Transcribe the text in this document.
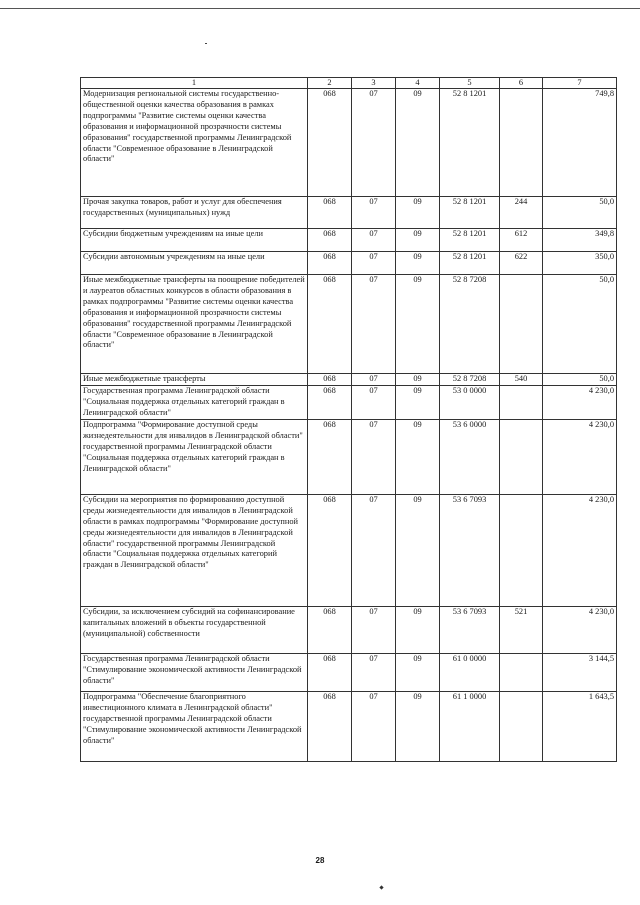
1	2	3	4	5	6	7
Модернизация региональной системы государственно-общественной оценки качества образования в рамках подпрограммы "Развитие системы оценки качества образования и информационной прозрачности системы образования" государственной программы Ленинградской области "Современное образование в Ленинградской области"	068	07	09	52 8 1201		749,8
Прочая закупка товаров, работ и услуг для обеспечения государственных (муниципальных) нужд	068	07	09	52 8 1201	244	50,0
Субсидии бюджетным учреждениям на иные цели	068	07	09	52 8 1201	612	349,8
Субсидии автономным учреждениям на иные цели	068	07	09	52 8 1201	622	350,0
Иные межбюджетные трансферты на поощрение победителей и лауреатов областных конкурсов в области образования в рамках подпрограммы "Развитие системы оценки качества образования и информационной прозрачности системы образования" государственной программы Ленинградской области "Современное образование в Ленинградской области"	068	07	09	52 8 7208		50,0
Иные межбюджетные трансферты	068	07	09	52 8 7208	540	50,0
Государственная программа Ленинградской области "Социальная поддержка отдельных категорий граждан в Ленинградской области"	068	07	09	53 0 0000		4 230,0
Подпрограмма "Формирование доступной среды жизнедеятельности для инвалидов в Ленинградской области" государственной программы Ленинградской области "Социальная поддержка отдельных категорий граждан в Ленинградской области"	068	07	09	53 6 0000		4 230,0
Субсидии на мероприятия по формированию доступной среды жизнедеятельности для инвалидов в Ленинградской области в рамках подпрограммы "Формирование доступной среды жизнедеятельности для инвалидов в Ленинградской области" государственной программы Ленинградской области "Социальная поддержка отдельных категорий граждан в Ленинградской области"	068	07	09	53 6 7093		4 230,0
Субсидии, за исключением субсидий на софинансирование капитальных вложений в объекты государственной (муниципальной) собственности	068	07	09	53 6 7093	521	4 230,0
Государственная программа Ленинградской области "Стимулирование экономической активности Ленинградской области"	068	07	09	61 0 0000		3 144,5
Подпрограмма "Обеспечение благоприятного инвестиционного климата в Ленинградской области" государственной программы Ленинградской области "Стимулирование экономической активности Ленинградской области"	068	07	09	61 1 0000		1 643,5
28
